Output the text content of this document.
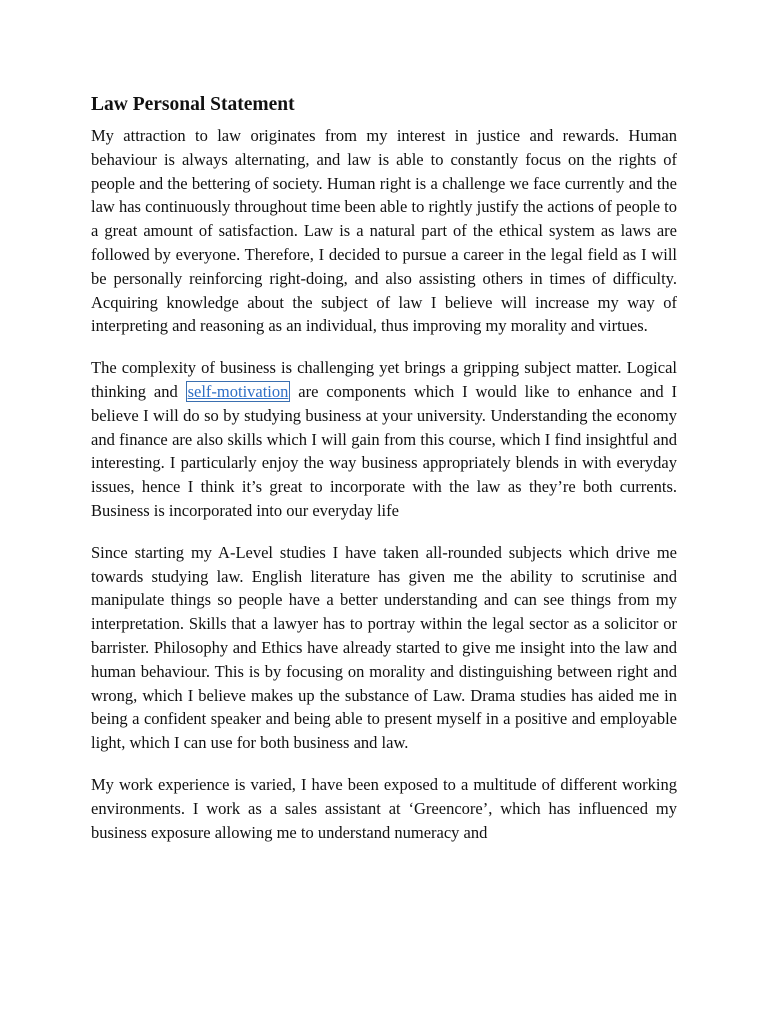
Law Personal Statement

My attraction to law originates from my interest in justice and rewards. Human behaviour is always alternating, and law is able to constantly focus on the rights of people and the bettering of society. Human right is a challenge we face currently and the law has continuously throughout time been able to rightly justify the actions of people to a great amount of satisfaction. Law is a natural part of the ethical system as laws are followed by everyone. Therefore, I decided to pursue a career in the legal field as I will be personally reinforcing right-doing, and also assisting others in times of difficulty. Acquiring knowledge about the subject of law I believe will increase my way of interpreting and reasoning as an individual, thus improving my morality and virtues.

The complexity of business is challenging yet brings a gripping subject matter. Logical thinking and self-motivation are components which I would like to enhance and I believe I will do so by studying business at your university. Understanding the economy and finance are also skills which I will gain from this course, which I find insightful and interesting. I particularly enjoy the way business appropriately blends in with everyday issues, hence I think it’s great to incorporate with the law as they’re both currents. Business is incorporated into our everyday life

Since starting my A-Level studies I have taken all-rounded subjects which drive me towards studying law. English literature has given me the ability to scrutinise and manipulate things so people have a better understanding and can see things from my interpretation. Skills that a lawyer has to portray within the legal sector as a solicitor or barrister. Philosophy and Ethics have already started to give me insight into the law and human behaviour. This is by focusing on morality and distinguishing between right and wrong, which I believe makes up the substance of Law. Drama studies has aided me in being a confident speaker and being able to present myself in a positive and employable light, which I can use for both business and law.

My work experience is varied, I have been exposed to a multitude of different working environments. I work as a sales assistant at ‘Greencore’, which has influenced my business exposure allowing me to understand numeracy and
